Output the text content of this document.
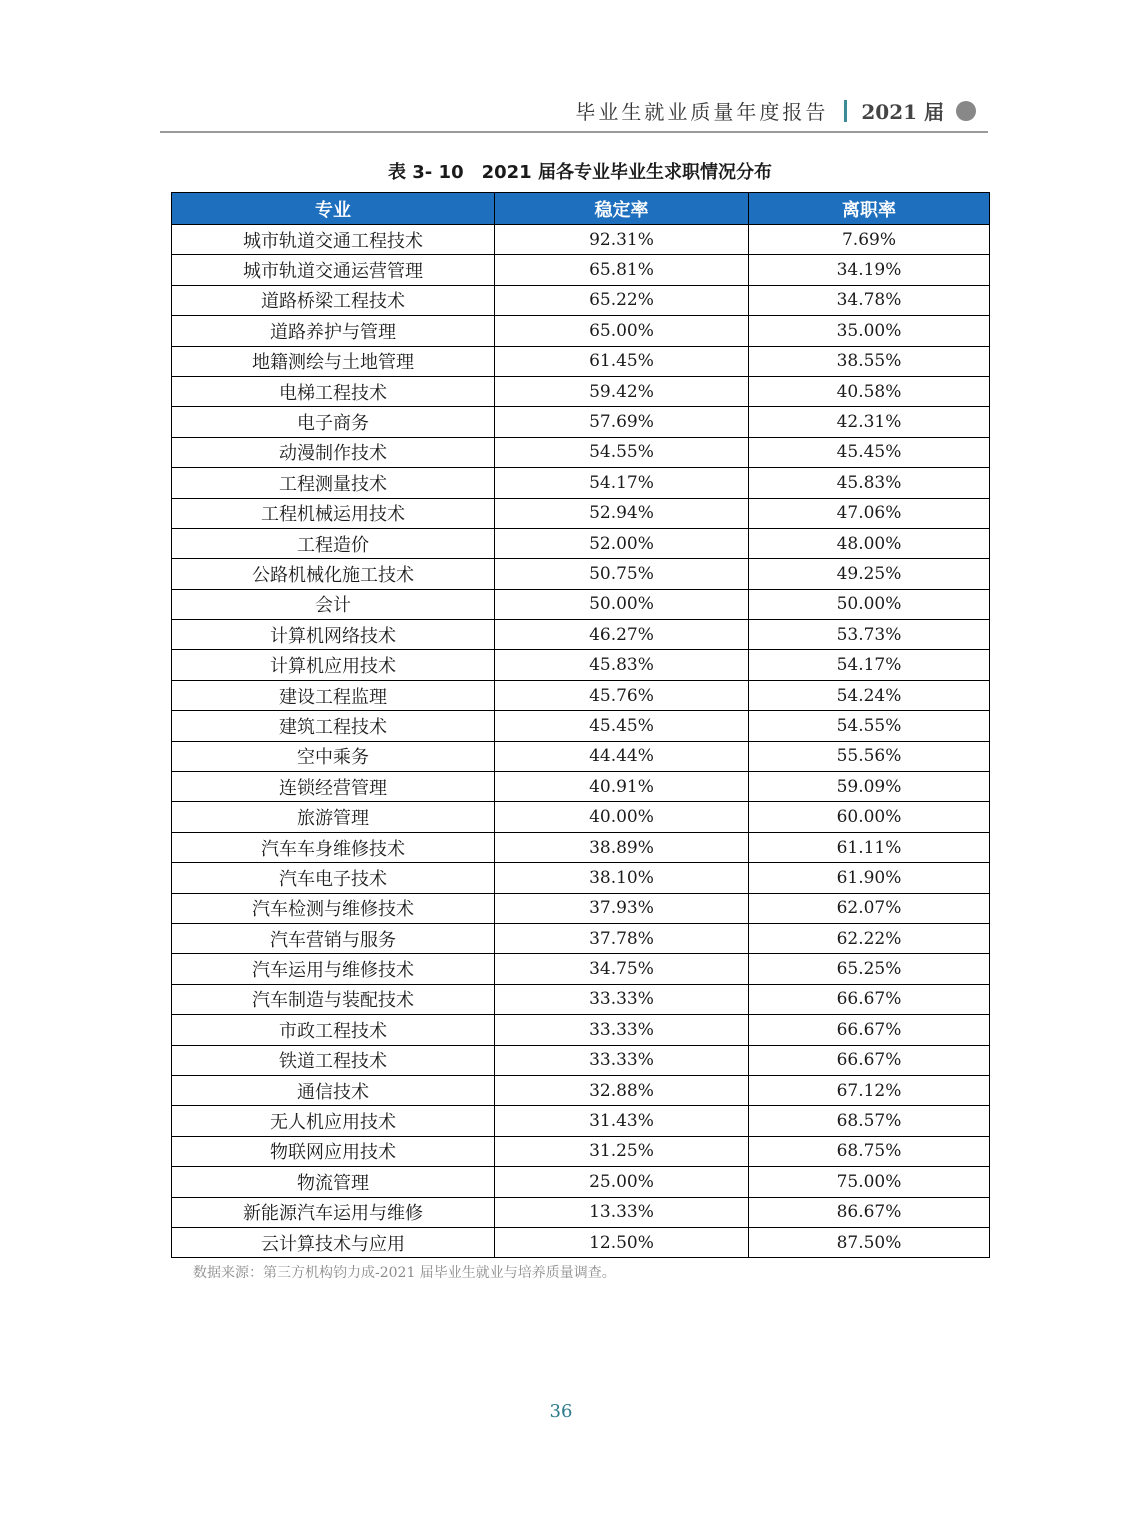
毕业生就业质量年度报告 2021 届
表 3- 10　2021 届各专业毕业生求职情况分布
专业	稳定率	离职率
城市轨道交通工程技术	92.31%	7.69%
城市轨道交通运营管理	65.81%	34.19%
道路桥梁工程技术	65.22%	34.78%
道路养护与管理	65.00%	35.00%
地籍测绘与土地管理	61.45%	38.55%
电梯工程技术	59.42%	40.58%
电子商务	57.69%	42.31%
动漫制作技术	54.55%	45.45%
工程测量技术	54.17%	45.83%
工程机械运用技术	52.94%	47.06%
工程造价	52.00%	48.00%
公路机械化施工技术	50.75%	49.25%
会计	50.00%	50.00%
计算机网络技术	46.27%	53.73%
计算机应用技术	45.83%	54.17%
建设工程监理	45.76%	54.24%
建筑工程技术	45.45%	54.55%
空中乘务	44.44%	55.56%
连锁经营管理	40.91%	59.09%
旅游管理	40.00%	60.00%
汽车车身维修技术	38.89%	61.11%
汽车电子技术	38.10%	61.90%
汽车检测与维修技术	37.93%	62.07%
汽车营销与服务	37.78%	62.22%
汽车运用与维修技术	34.75%	65.25%
汽车制造与装配技术	33.33%	66.67%
市政工程技术	33.33%	66.67%
铁道工程技术	33.33%	66.67%
通信技术	32.88%	67.12%
无人机应用技术	31.43%	68.57%
物联网应用技术	31.25%	68.75%
物流管理	25.00%	75.00%
新能源汽车运用与维修	13.33%	86.67%
云计算技术与应用	12.50%	87.50%
数据来源：第三方机构钧力成-2021 届毕业生就业与培养质量调查。
36
